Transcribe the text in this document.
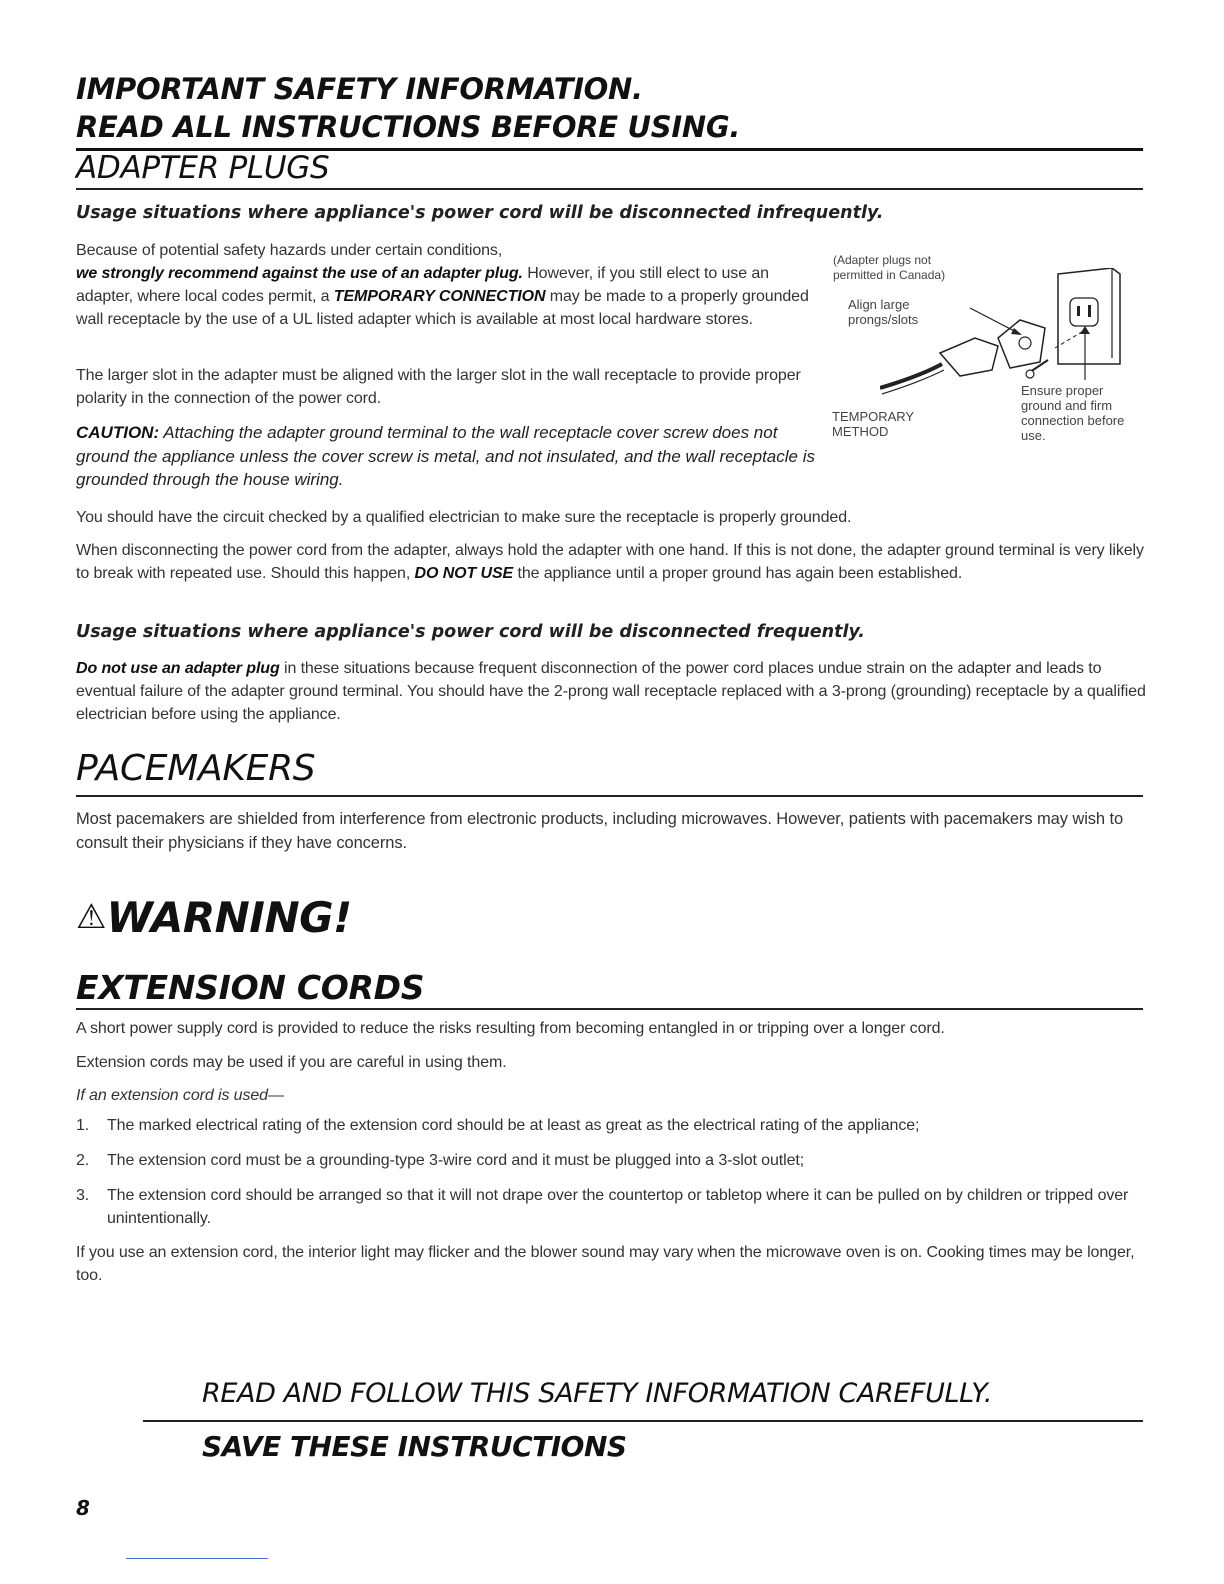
IMPORTANT SAFETY INFORMATION.
READ ALL INSTRUCTIONS BEFORE USING.
ADAPTER PLUGS

Usage situations where appliance's power cord will be disconnected infrequently.

Because of potential safety hazards under certain conditions,
we strongly recommend against the use of an adapter plug. However, if you still elect to use an adapter, where local codes permit, a TEMPORARY CONNECTION may be made to a properly grounded wall receptacle by the use of a UL listed adapter which is available at most local hardware stores.

The larger slot in the adapter must be aligned with the larger slot in the wall receptacle to provide proper polarity in the connection of the power cord.

CAUTION: Attaching the adapter ground terminal to the wall receptacle cover screw does not ground the appliance unless the cover screw is metal, and not insulated, and the wall receptacle is grounded through the house wiring.

(Adapter plugs not permitted in Canada)
Align large prongs/slots
Ensure proper ground and firm connection before use.
TEMPORARY METHOD

You should have the circuit checked by a qualified electrician to make sure the receptacle is properly grounded.

When disconnecting the power cord from the adapter, always hold the adapter with one hand. If this is not done, the adapter ground terminal is very likely to break with repeated use. Should this happen, DO NOT USE the appliance until a proper ground has again been established.

Usage situations where appliance's power cord will be disconnected frequently.

Do not use an adapter plug in these situations because frequent disconnection of the power cord places undue strain on the adapter and leads to eventual failure of the adapter ground terminal. You should have the 2-prong wall receptacle replaced with a 3-prong (grounding) receptacle by a qualified electrician before using the appliance.

PACEMAKERS

Most pacemakers are shielded from interference from electronic products, including microwaves. However, patients with pacemakers may wish to consult their physicians if they have concerns.

⚠WARNING!
EXTENSION CORDS

A short power supply cord is provided to reduce the risks resulting from becoming entangled in or tripping over a longer cord.

Extension cords may be used if you are careful in using them.

If an extension cord is used—

1. The marked electrical rating of the extension cord should be at least as great as the electrical rating of the appliance;
2. The extension cord must be a grounding-type 3-wire cord and it must be plugged into a 3-slot outlet;
3. The extension cord should be arranged so that it will not drape over the countertop or tabletop where it can be pulled on by children or tripped over unintentionally.

If you use an extension cord, the interior light may flicker and the blower sound may vary when the microwave oven is on. Cooking times may be longer, too.

READ AND FOLLOW THIS SAFETY INFORMATION CAREFULLY.

SAVE THESE INSTRUCTIONS

8
